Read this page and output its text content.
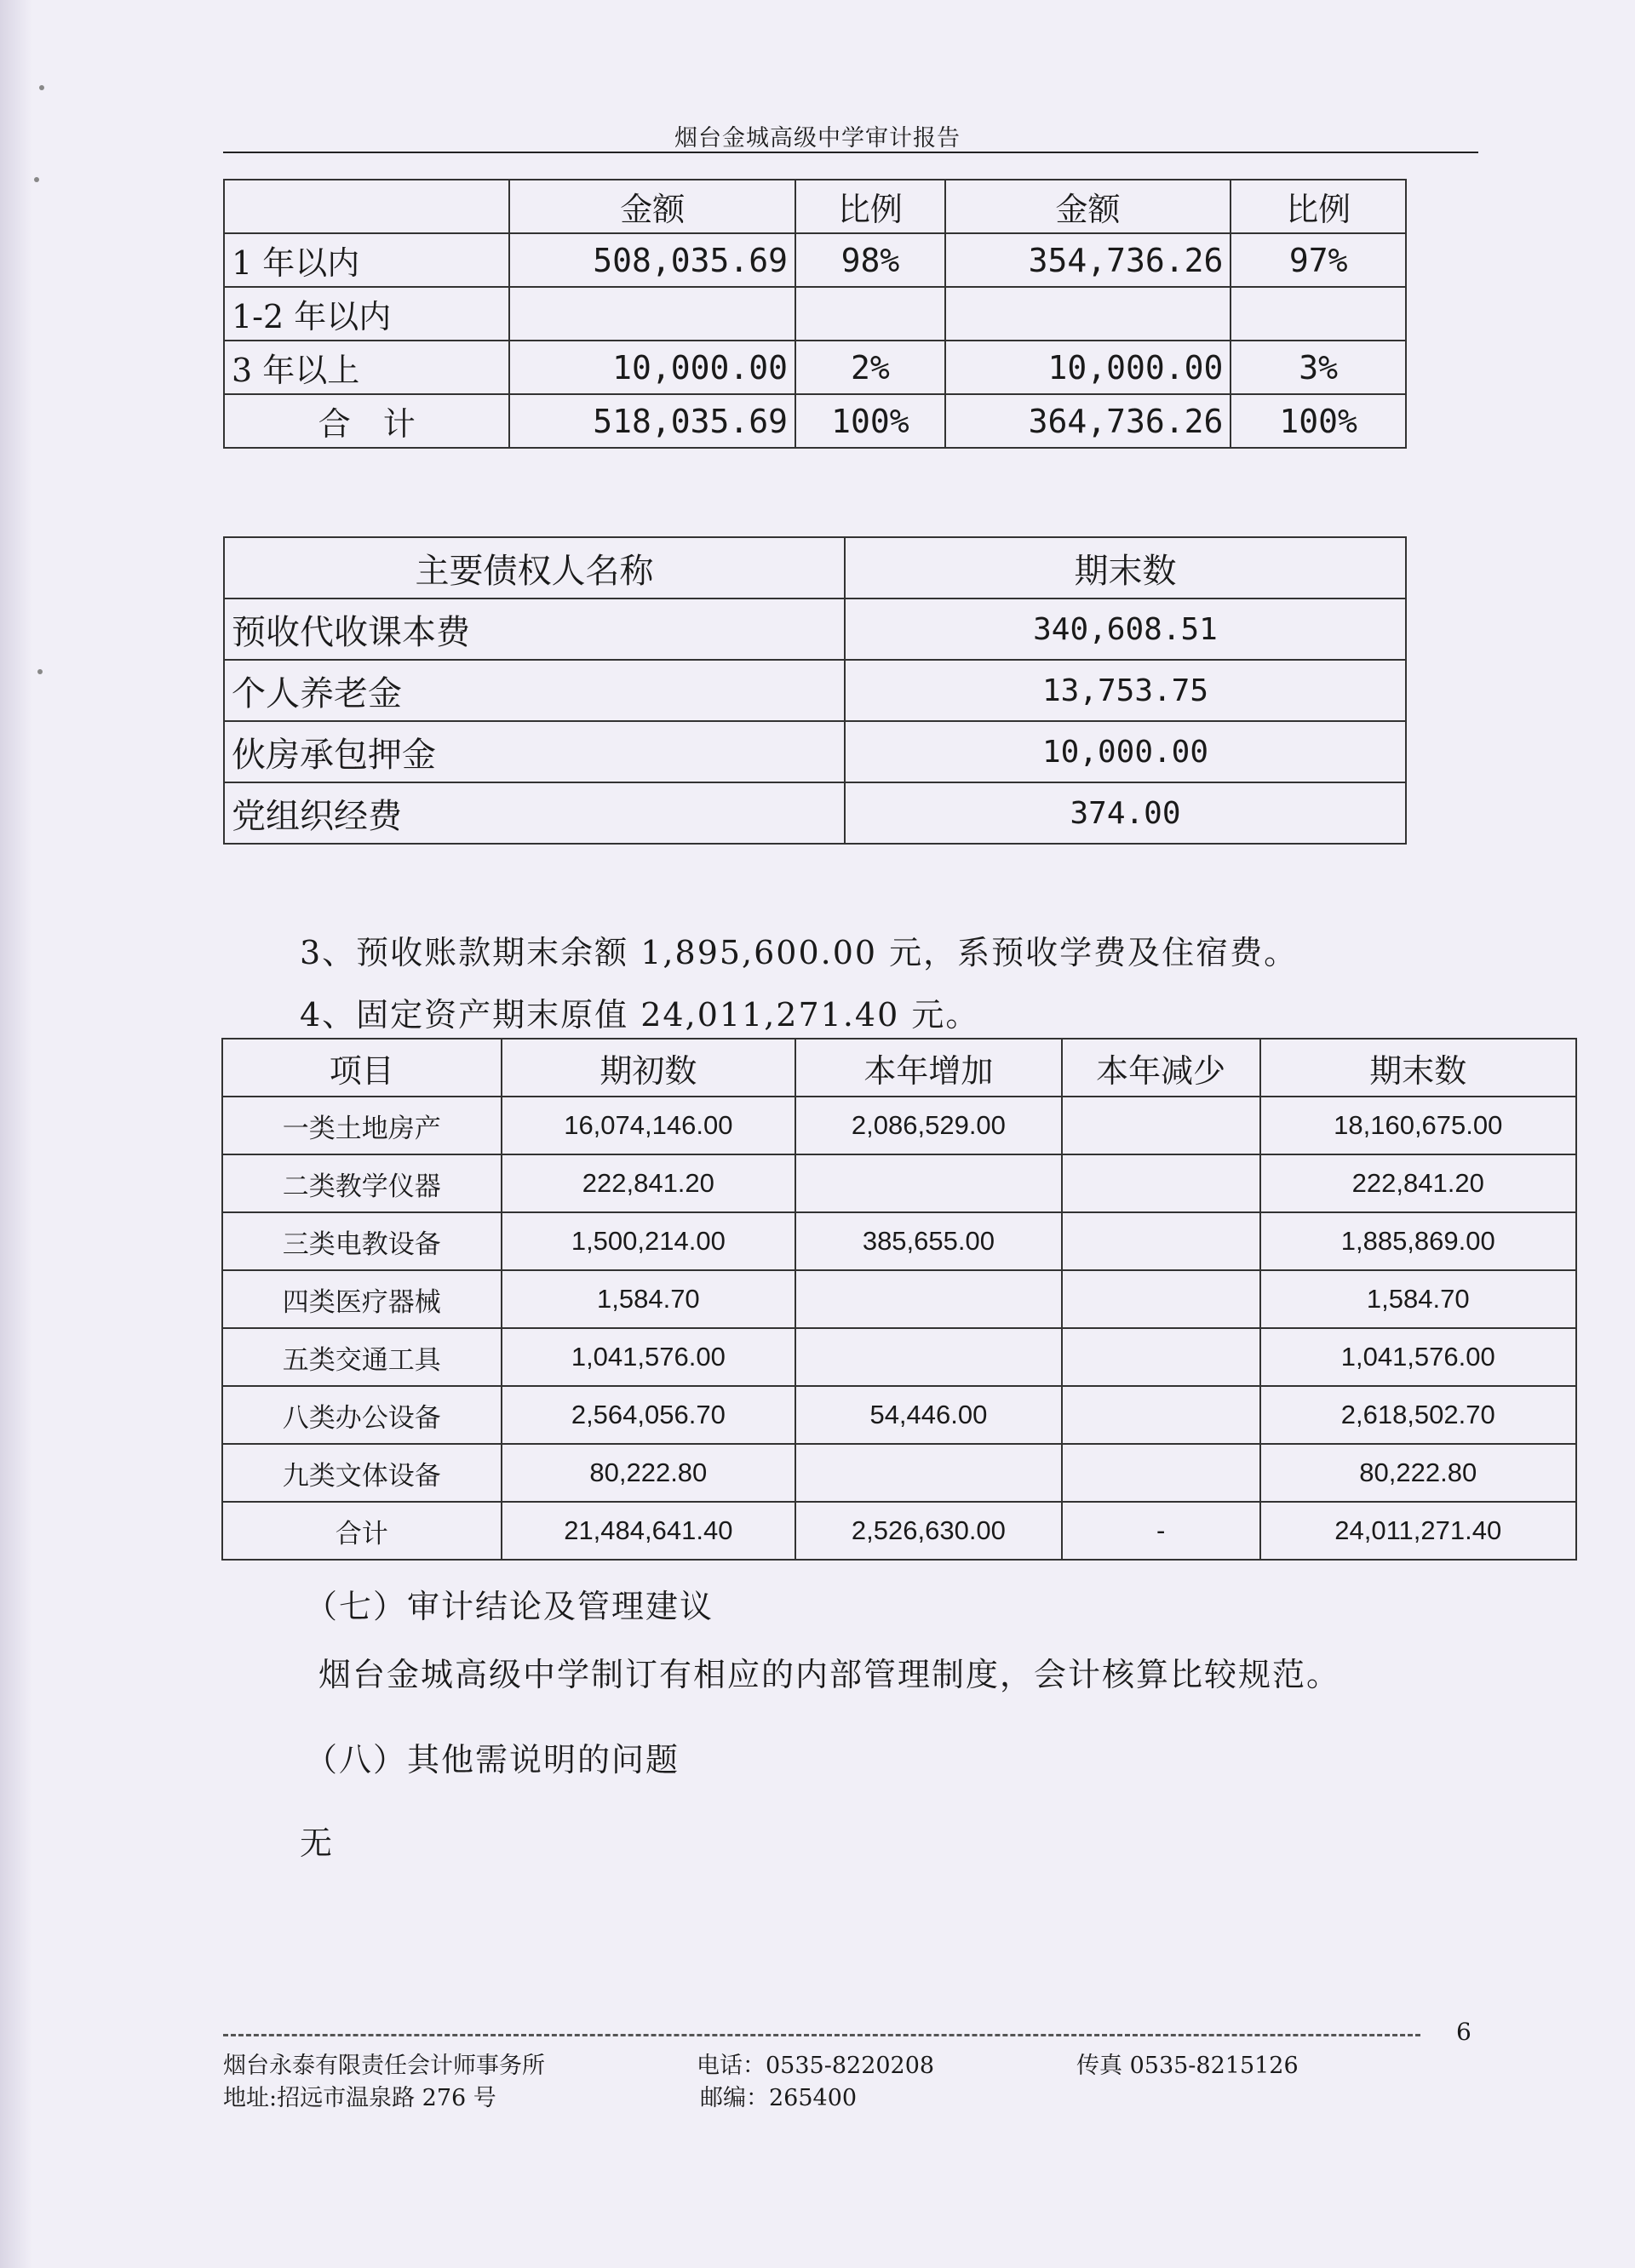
烟台金城高级中学审计报告
	金额	比例	金额	比例
1 年以内	508,035.69	98%	354,736.26	97%
1-2 年以内				
3 年以上	10,000.00	2%	10,000.00	3%
合　计	518,035.69	100%	364,736.26	100%
主要债权人名称	期末数
预收代收课本费	340,608.51
个人养老金	13,753.75
伙房承包押金	10,000.00
党组织经费	374.00
3、预收账款期末余额 1,895,600.00 元，系预收学费及住宿费。
4、固定资产期末原值 24,011,271.40 元。
项目	期初数	本年增加	本年减少	期末数
一类土地房产	16,074,146.00	2,086,529.00		18,160,675.00
二类教学仪器	222,841.20			222,841.20
三类电教设备	1,500,214.00	385,655.00		1,885,869.00
四类医疗器械	1,584.70			1,584.70
五类交通工具	1,041,576.00			1,041,576.00
八类办公设备	2,564,056.70	54,446.00		2,618,502.70
九类文体设备	80,222.80			80,222.80
合计	21,484,641.40	2,526,630.00	-	24,011,271.40
（七）审计结论及管理建议
烟台金城高级中学制订有相应的内部管理制度，会计核算比较规范。
（八）其他需说明的问题
无
6
烟台永泰有限责任会计师事务所	电话：0535-8220208	传真 0535-8215126
地址:招远市温泉路 276 号	邮编：265400
